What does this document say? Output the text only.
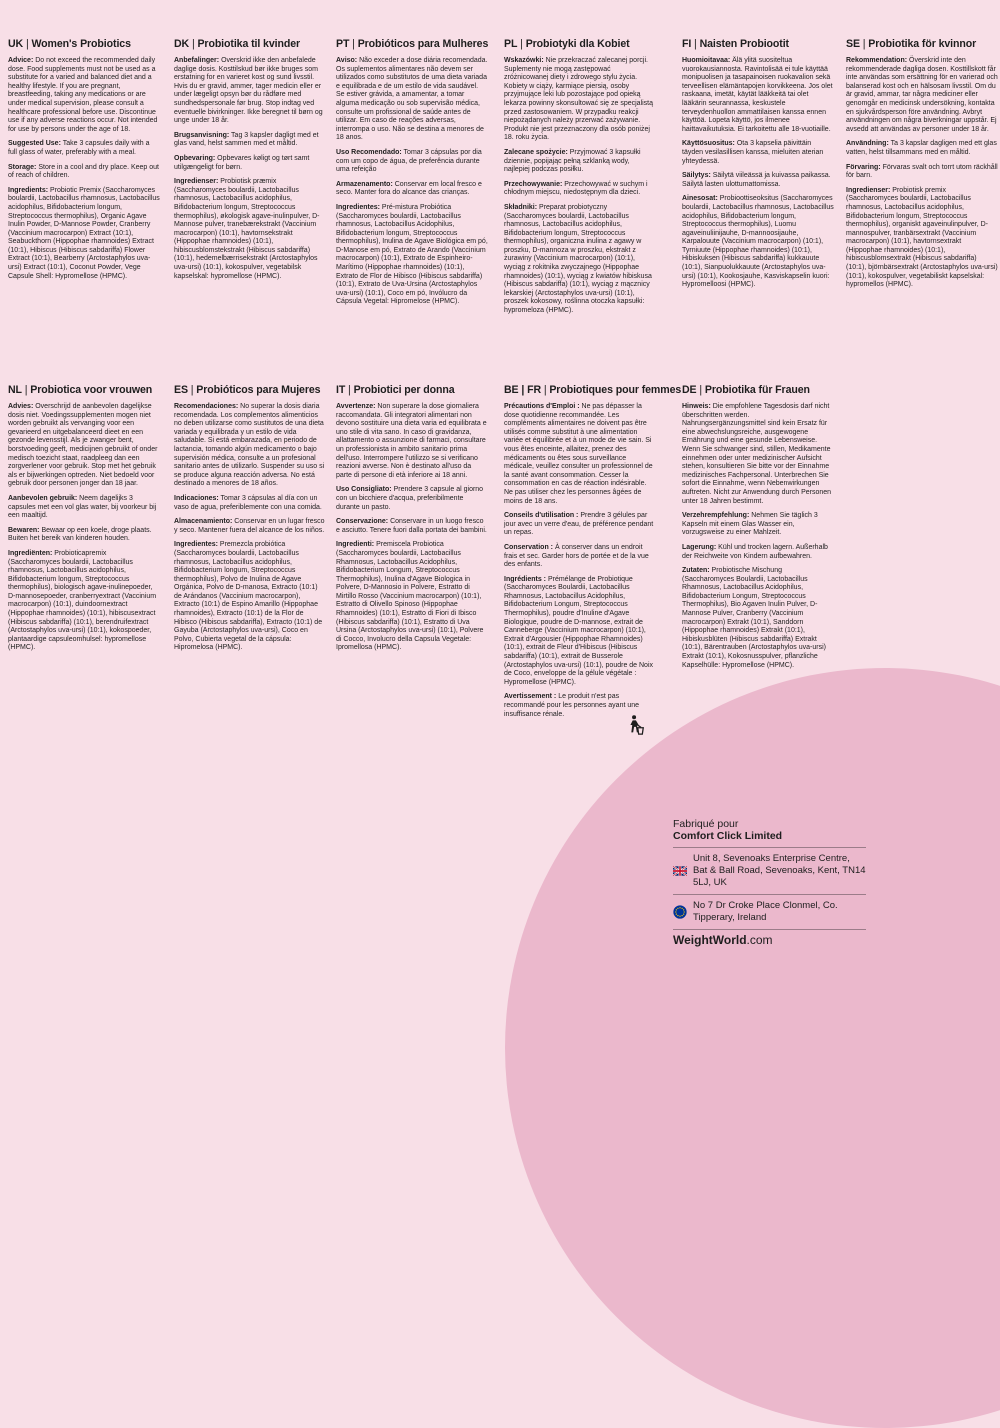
UK | Women's Probiotics

Advice: Do not exceed the recommended daily dose. Food supplements must not be used as a substitute for a varied and balanced diet and a healthy lifestyle. If you are pregnant, breastfeeding, taking any medications or are under medical supervision, please consult a healthcare professional before use. Discontinue use if any adverse reactions occur. Not intended for use by persons under the age of 18.

Suggested Use: Take 3 capsules daily with a full glass of water, preferably with a meal.

Storage: Store in a cool and dry place. Keep out of reach of children.

Ingredients: Probiotic Premix (Saccharomyces boulardii, Lactobacillus rhamnosus, Lactobacillus acidophilus, Bifidobacterium longum, Streptococcus thermophilus), Organic Agave Inulin Powder, D-Mannose Powder, Cranberry (Vaccinium macrocarpon) Extract (10:1), Seabuckthorn (Hippophae rhamnoides) Extract (10:1), Hibiscus (Hibiscus sabdariffa) Flower Extract (10:1), Bearberry (Arctostaphylos uva-ursi) Extract (10:1), Coconut Powder, Vege Capsule Shell: Hypromellose (HPMC).

DK | Probiotika til kvinder

Anbefalinger: Overskrid ikke den anbefalede daglige dosis. Kosttilskud bør ikke bruges som erstatning for en varieret kost og sund livsstil. Hvis du er gravid, ammer, tager medicin eller er under lægeligt opsyn bør du rådføre med sundhedspersonale før brug. Stop indtag ved eventuelle bivirkninger. Ikke beregnet til børn og unge under 18 år.

Brugsanvisning: Tag 3 kapsler dagligt med et glas vand, helst sammen med et måltid.

Opbevaring: Opbevares køligt og tørt samt utilgængeligt for børn.

Ingredienser: Probiotisk præmix (Saccharomyces boulardii, Lactobacillus rhamnosus, Lactobacillus acidophilus, Bifidobacterium longum, Streptococcus thermophilus), økologisk agave-inulinpulver, D-Mannose pulver, tranebærekstrakt (Vaccinium macrocarpon) (10:1), havtornsekstrakt (Hippophae rhamnoides) (10:1), hibiscusblomstekstrakt (Hibiscus sabdariffa) (10:1), hedemelbærrisekstrakt (Arctostaphylos uva-ursi) (10:1), kokospulver, vegetabilsk kapselskal: hypromellose (HPMC).

PT | Probióticos para Mulheres

Aviso: Não exceder a dose diária recomendada. Os suplementos alimentares não devem ser utilizados como substitutos de uma dieta variada e equilibrada e de um estilo de vida saudável. Se estiver grávida, a amamentar, a tomar alguma medicação ou sob supervisão médica, consulte um profissional de saúde antes de utilizar. Em caso de reações adversas, interrompa o uso. Não se destina a menores de 18 anos.

Uso Recomendado: Tomar 3 cápsulas por dia com um copo de água, de preferência durante uma refeição

Armazenamento: Conservar em local fresco e seco. Manter fora do alcance das crianças.

Ingredientes: Pré-mistura Probiótica (Saccharomyces boulardii, Lactobacillus rhamnosus, Lactobacillus Acidophilus, Bifidobacterium longum, Streptococcus thermophilus), Inulina de Agave Biológica em pó, D-Manose em pó, Extrato de Arando (Vaccinium macrocarpon) (10:1), Extrato de Espinheiro-Marítimo (Hippophae rhamnoides) (10:1), Extrato de Flor de Hibisco (Hibiscus sabdariffa) (10:1), Extrato de Uva-Ursina (Arctostaphylos uva-ursi) (10:1), Coco em pó, Invólucro da Cápsula Vegetal: Hipromelose (HPMC).

PL | Probiotyki dla Kobiet

Wskazówki: Nie przekraczać zalecanej porcji. Suplementy nie mogą zastępować zróżnicowanej diety i zdrowego stylu życia. Kobiety w ciąży, karmiące piersią, osoby przyjmujące leki lub pozostające pod opieką lekarza powinny skonsultować się ze specjalistą przed zastosowaniem. W przypadku reakcji niepożądanych należy przerwać zażywanie. Produkt nie jest przeznaczony dla osób poniżej 18. roku życia.

Zalecane spożycie: Przyjmować 3 kapsułki dziennie, popijając pełną szklanką wody, najlepiej podczas posiłku.

Przechowywanie: Przechowywać w suchym i chłodnym miejscu, niedostępnym dla dzieci.

Składniki: Preparat probiotyczny (Saccharomyces boulardii, Lactobacillus rhamnosus, Lactobacillus acidophilus, Bifidobacterium longum, Streptococcus thermophilus), organiczna inulina z agawy w proszku, D-mannoza w proszku, ekstrakt z żurawiny (Vaccinium macrocarpon) (10:1), wyciąg z rokitnika zwyczajnego (Hippophae rhamnoides) (10:1), wyciąg z kwiatów hibiskusa (Hibiscus sabdariffa) (10:1), wyciąg z mącznicy lekarskiej (Arctostaphylos uva-ursi) (10:1), proszek kokosowy, roślinna otoczka kapsułki: hypromeloza (HPMC).

FI | Naisten Probiootit

Huomioitavaa: Älä ylitä suositeltua vuorokausiannosta. Ravintolisää ei tule käyttää monipuolisen ja tasapainoisen ruokavalion sekä terveellisen elämäntapojen korvikkeena. Jos olet raskaana, imetät, käytät lääkkeitä tai olet lääkärin seurannassa, keskustele terveydenhuollon ammattilaisen kanssa ennen käyttöä. Lopeta käyttö, jos ilmenee haittavaikutuksia. Ei tarkoitettu alle 18-vuotiaille.

Käyttösuositus: Ota 3 kapselia päivittäin täyden vesilasillisen kanssa, mieluiten aterian yhteydessä.

Säilytys: Säilytä viileässä ja kuivassa paikassa. Säilytä lasten ulottumattomissa.

Ainesosat: Probioottiseoksitus (Saccharomyces boulardii, Lactobacillus rhamnosus, Lactobacillus acidophilus, Bifidobacterium longum, Streptococcus thermophilus), Luomu agaveinuliinijauhe, D-mannoosijauhe, Karpalouute (Vaccinium macrocarpon) (10:1), Tyrniuute (Hippophae rhamnoides) (10:1), Hibiskuksen (Hibiscus sabdariffa) kukkauute (10:1), Sianpuolukkauute (Arctostaphylos uva-ursi) (10:1), Kookosjauhe, Kasviskapselin kuori: Hypromelloosi (HPMC).

SE | Probiotika för kvinnor

Rekommendation: Överskrid inte den rekommenderade dagliga dosen. Kosttillskott får inte användas som ersättning för en varierad och balanserad kost och en hälsosam livsstil. Om du är gravid, ammar, tar några mediciner eller genomgår en medicinsk undersökning, kontakta en sjukvårdsperson före användning. Avbryt användningen om några biverkningar uppstår. Ej avsedd att användas av personer under 18 år.

Användning: Ta 3 kapslar dagligen med ett glas vatten, helst tillsammans med en måltid.

Förvaring: Förvaras svalt och torrt utom räckhåll för barn.

Ingredienser: Probiotisk premix (Saccharomyces boulardii, Lactobacillus rhamnosus, Lactobacillus acidophilus, Bifidobacterium longum, Streptococcus thermophilus), organiskt agaveinulinpulver, D-mannospulver, tranbärsextrakt (Vaccinium macrocarpon) (10:1), havtornsextrakt (Hippophae rhamnoides) (10:1), hibiscusblomsextrakt (Hibiscus sabdariffa) (10:1), björnbärsextrakt (Arctostaphylos uva-ursi) (10:1), kokospulver, vegetabiliskt kapselskal: hypromellos (HPMC).

NL | Probiotica voor vrouwen

Advies: Overschrijd de aanbevolen dagelijkse dosis niet. Voedingssupplementen mogen niet worden gebruikt als vervanging voor een gevarieerd en uitgebalanceerd dieet en een gezonde levensstijl. Als je zwanger bent, borstvoeding geeft, medicijnen gebruikt of onder medisch toezicht staat, raadpleeg dan een zorgverlener voor gebruik. Stop met het gebruik als er bijwerkingen optreden. Niet bedoeld voor gebruik door personen jonger dan 18 jaar.

Aanbevolen gebruik: Neem dagelijks 3 capsules met een vol glas water, bij voorkeur bij een maaltijd.

Bewaren: Bewaar op een koele, droge plaats. Buiten het bereik van kinderen houden.

Ingrediënten: Probioticapremix (Saccharomyces boulardii, Lactobacillus rhamnosus, Lactobacillus acidophilus, Bifidobacterium longum, Streptococcus thermophilus), biologisch agave-inulinepoeder, D-mannosepoeder, cranberryextract (Vaccinium macrocarpon) (10:1), duindoornextract (Hippophae rhamnoides) (10:1), hibiscusextract (Hibiscus sabdariffa) (10:1), berendruifextract (Arctostaphylos uva-ursi) (10:1), kokospoeder, plantaardige capsuleomhulsel: hypromellose (HPMC).

ES | Probióticos para Mujeres

Recomendaciones: No superar la dosis diaria recomendada. Los complementos alimenticios no deben utilizarse como sustitutos de una dieta variada y equilibrada y un estilo de vida saludable. Si está embarazada, en periodo de lactancia, tomando algún medicamento o bajo supervisión médica, consulte a un profesional sanitario antes de utilizarlo. Suspender su uso si se produce alguna reacción adversa. No está destinado a menores de 18 años.

Indicaciones: Tomar 3 cápsulas al día con un vaso de agua, preferiblemente con una comida.

Almacenamiento: Conservar en un lugar fresco y seco. Mantener fuera del alcance de los niños.

Ingredientes: Premezcla probiótica (Saccharomyces boulardii, Lactobacillus rhamnosus, Lactobacillus acidophilus, Bifidobacterium longum, Streptococcus thermophilus), Polvo de Inulina de Agave Orgánica, Polvo de D-manosa, Extracto (10:1) de Arándanos (Vaccinium macrocarpon), Extracto (10:1) de Espino Amarillo (Hippophae rhamnoides), Extracto (10:1) de la Flor de Hibisco (Hibiscus sabdariffa), Extracto (10:1) de Gayuba (Arctostaphylos uva-ursi), Coco en Polvo, Cubierta vegetal de la cápsula: Hipromelosa (HPMC).

IT | Probiotici per donna

Avvertenze: Non superare la dose giornaliera raccomandata. Gli integratori alimentari non devono sostituire una dieta varia ed equilibrata e uno stile di vita sano. In caso di gravidanza, allattamento o assunzione di farmaci, consultare un professionista in ambito sanitario prima dell'uso. Interrompere l'utilizzo se si verificano reazioni avverse. Non è destinato all'uso da parte di persone di età inferiore ai 18 anni.

Uso Consigliato: Prendere 3 capsule al giorno con un bicchiere d'acqua, preferibilmente durante un pasto.

Conservazione: Conservare in un luogo fresco e asciutto. Tenere fuori dalla portata dei bambini.

Ingredienti: Premiscela Probiotica (Saccharomyces boulardii, Lactobacillus Rhamnosus, Lactobacillus Acidophilus, Bifidobacterium Longum, Streptococcus Thermophilus), Inulina d'Agave Biologica in Polvere, D-Mannosio in Polvere, Estratto di Mirtillo Rosso (Vaccinium macrocarpon) (10:1), Estratto di Olivello Spinoso (Hippophae Rhamnoides) (10:1), Estratto di Fiori di Ibisco (Hibiscus sabdariffa) (10:1), Estratto di Uva Ursina (Arctostaphylos uva-ursi) (10:1), Polvere di Cocco, Involucro della Capsula Vegetale: Ipromellosa (HPMC).

BE | FR | Probiotiques pour femmes

Précautions d'Emploi : Ne pas dépasser la dose quotidienne recommandée. Les compléments alimentaires ne doivent pas être utilisés comme substitut à une alimentation variée et équilibrée et à un mode de vie sain. Si vous êtes enceinte, allaitez, prenez des médicaments ou êtes sous surveillance médicale, veuillez consulter un professionnel de la santé avant consommation. Cesser la consommation en cas de réaction indésirable. Ne pas utiliser chez les personnes âgées de moins de 18 ans.

Conseils d'utilisation : Prendre 3 gélules par jour avec un verre d'eau, de préférence pendant un repas.

Conservation : À conserver dans un endroit frais et sec. Garder hors de portée et de la vue des enfants.

Ingrédients : Prémélange de Probiotique (Saccharomyces Boulardii, Lactobacillus Rhamnosus, Lactobacillus Acidophilus, Bifidobacterium Longum, Streptococcus Thermophilus), poudre d'Inuline d'Agave Biologique, poudre de D-mannose, extrait de Canneberge (Vaccinium macrocarpon) (10:1), Extrait d'Argousier (Hippophae Rhamnoides) (10:1), extrait de Fleur d'Hibiscus (Hibiscus sabdariffa) (10:1), extrait de Busserole (Arctostaphylos uva-ursi) (10:1), poudre de Noix de Coco, enveloppe de la gélule végétale : Hypromellose (HPMC).

Avertissement : Le produit n'est pas recommandé pour les personnes ayant une insuffisance rénale.

DE | Probiotika für Frauen

Hinweis: Die empfohlene Tagesdosis darf nicht überschritten werden. Nahrungsergänzungsmittel sind kein Ersatz für eine abwechslungsreiche, ausgewogene Ernährung und eine gesunde Lebensweise. Wenn Sie schwanger sind, stillen, Medikamente einnehmen oder unter medizinischer Aufsicht stehen, konsultieren Sie bitte vor der Einnahme medizinisches Fachpersonal. Unterbrechen Sie sofort die Einnahme, wenn Nebenwirkungen auftreten. Nicht zur Anwendung durch Personen unter 18 Jahren bestimmt.

Verzehrempfehlung: Nehmen Sie täglich 3 Kapseln mit einem Glas Wasser ein, vorzugsweise zu einer Mahlzeit.

Lagerung: Kühl und trocken lagern. Außerhalb der Reichweite von Kindern aufbewahren.

Zutaten: Probiotische Mischung (Saccharomyces Boulardii, Lactobacillus Rhamnosus, Lactobacillus Acidophilus, Bifidobacterium Longum, Streptococcus Thermophilus), Bio Agaven Inulin Pulver, D-Mannose Pulver, Cranberry (Vaccinium macrocarpon) Extrakt (10:1), Sanddorn (Hippophae rhamnoides) Extrakt (10:1), Hibiskusblüten (Hibiscus sabdariffa) Extrakt (10:1), Bärentrauben (Arctostaphylos uva-ursi) Extrakt (10:1), Kokosnusspulver, pflanzliche Kapselhülle: Hypromellose (HPMC).

Fabriqué pour
Comfort Click Limited
Unit 8, Sevenoaks Enterprise Centre, Bat & Ball Road, Sevenoaks, Kent, TN14 5LJ, UK
No 7 Dr Croke Place Clonmel, Co. Tipperary, Ireland
WeightWorld.com
